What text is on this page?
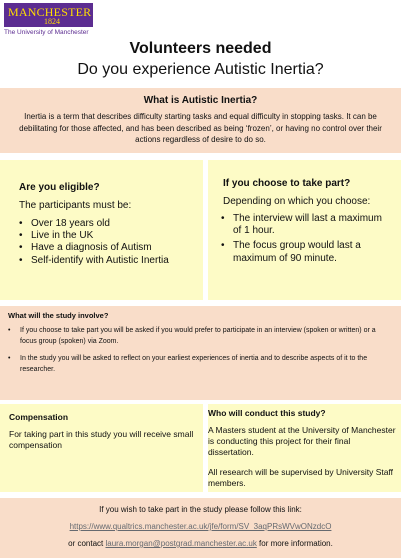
MANCHESTER
1824
The University of Manchester
Volunteers needed
Do you experience Autistic Inertia?
What is Autistic Inertia?
Inertia is a term that describes difficulty starting tasks and equal difficulty in stopping tasks. It can be debilitating for those affected, and has been described as being ‘frozen’, or having no control over their actions regardless of desire to do so.
Are you eligible?
The participants must be:
• Over 18 years old
• Live in the UK
• Have a diagnosis of Autism
• Self-identify with Autistic Inertia
If you choose to take part?
Depending on which you choose:
• The interview will last a maximum of 1 hour.
• The focus group would last a maximum of 90 minute.
What will the study involve?
• If you choose to take part you will be asked if you would prefer to participate in an interview (spoken or written) or a focus group (spoken) via Zoom.
• In the study you will be asked to reflect on your earliest experiences of inertia and to describe aspects of it to the researcher.
Compensation
For taking part in this study you will receive small compensation
Who will conduct this study?
A Masters student at the University of Manchester is conducting this project for their final dissertation.
All research will be supervised by University Staff members.
If you wish to take part in the study please follow this link:
https://www.qualtrics.manchester.ac.uk/jfe/form/SV_3aqPRsWVwONzdcO
or contact laura.morgan@postgrad.manchester.ac.uk for more information.
